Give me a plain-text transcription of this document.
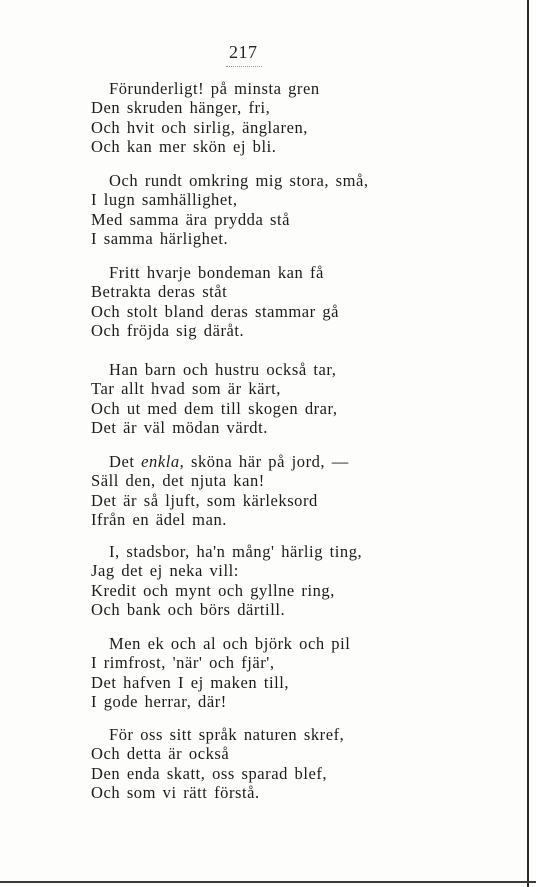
217
Förunderligt! på minsta gren
Den skruden hänger, fri,
Och hvit och sirlig, änglaren,
Och kan mer skön ej bli.
Och rundt omkring mig stora, små,
I lugn samhällighet,
Med samma ära prydda stå
I samma härlighet.
Fritt hvarje bondeman kan få
Betrakta deras ståt
Och stolt bland deras stammar gå
Och fröjda sig däråt.
Han barn och hustru också tar,
Tar allt hvad som är kärt,
Och ut med dem till skogen drar,
Det är väl mödan värdt.
Det enkla, sköna här på jord, —
Säll den, det njuta kan!
Det är så ljuft, som kärleksord
Ifrån en ädel man.
I, stadsbor, ha'n mång' härlig ting,
Jag det ej neka vill:
Kredit och mynt och gyllne ring,
Och bank och börs därtill.
Men ek och al och björk och pil
I rimfrost, 'när' och fjär',
Det hafven I ej maken till,
I gode herrar, där!
För oss sitt språk naturen skref,
Och detta är också
Den enda skatt, oss sparad blef,
Och som vi rätt förstå.
